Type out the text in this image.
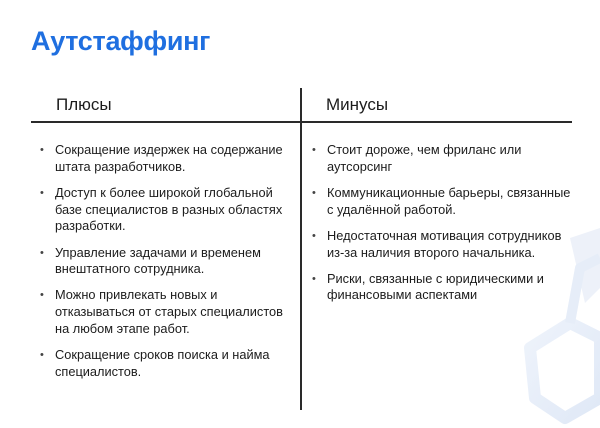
Аутстаффинг
Плюсы	Минусы
• Сокращение издержек на содержание штата разработчиков.
• Доступ к более широкой глобальной базе специалистов в разных областях разработки.
• Управление задачами и временем внештатного сотрудника.
• Можно привлекать новых и отказываться от старых специалистов на любом этапе работ.
• Сокращение сроков поиска и найма специалистов.
• Стоит дороже, чем фриланс или аутсорсинг
• Коммуникационные барьеры, связанные с удалённой работой.
• Недостаточная мотивация сотрудников из-за наличия второго начальника.
• Риски, связанные с юридическими и финансовыми аспектами
